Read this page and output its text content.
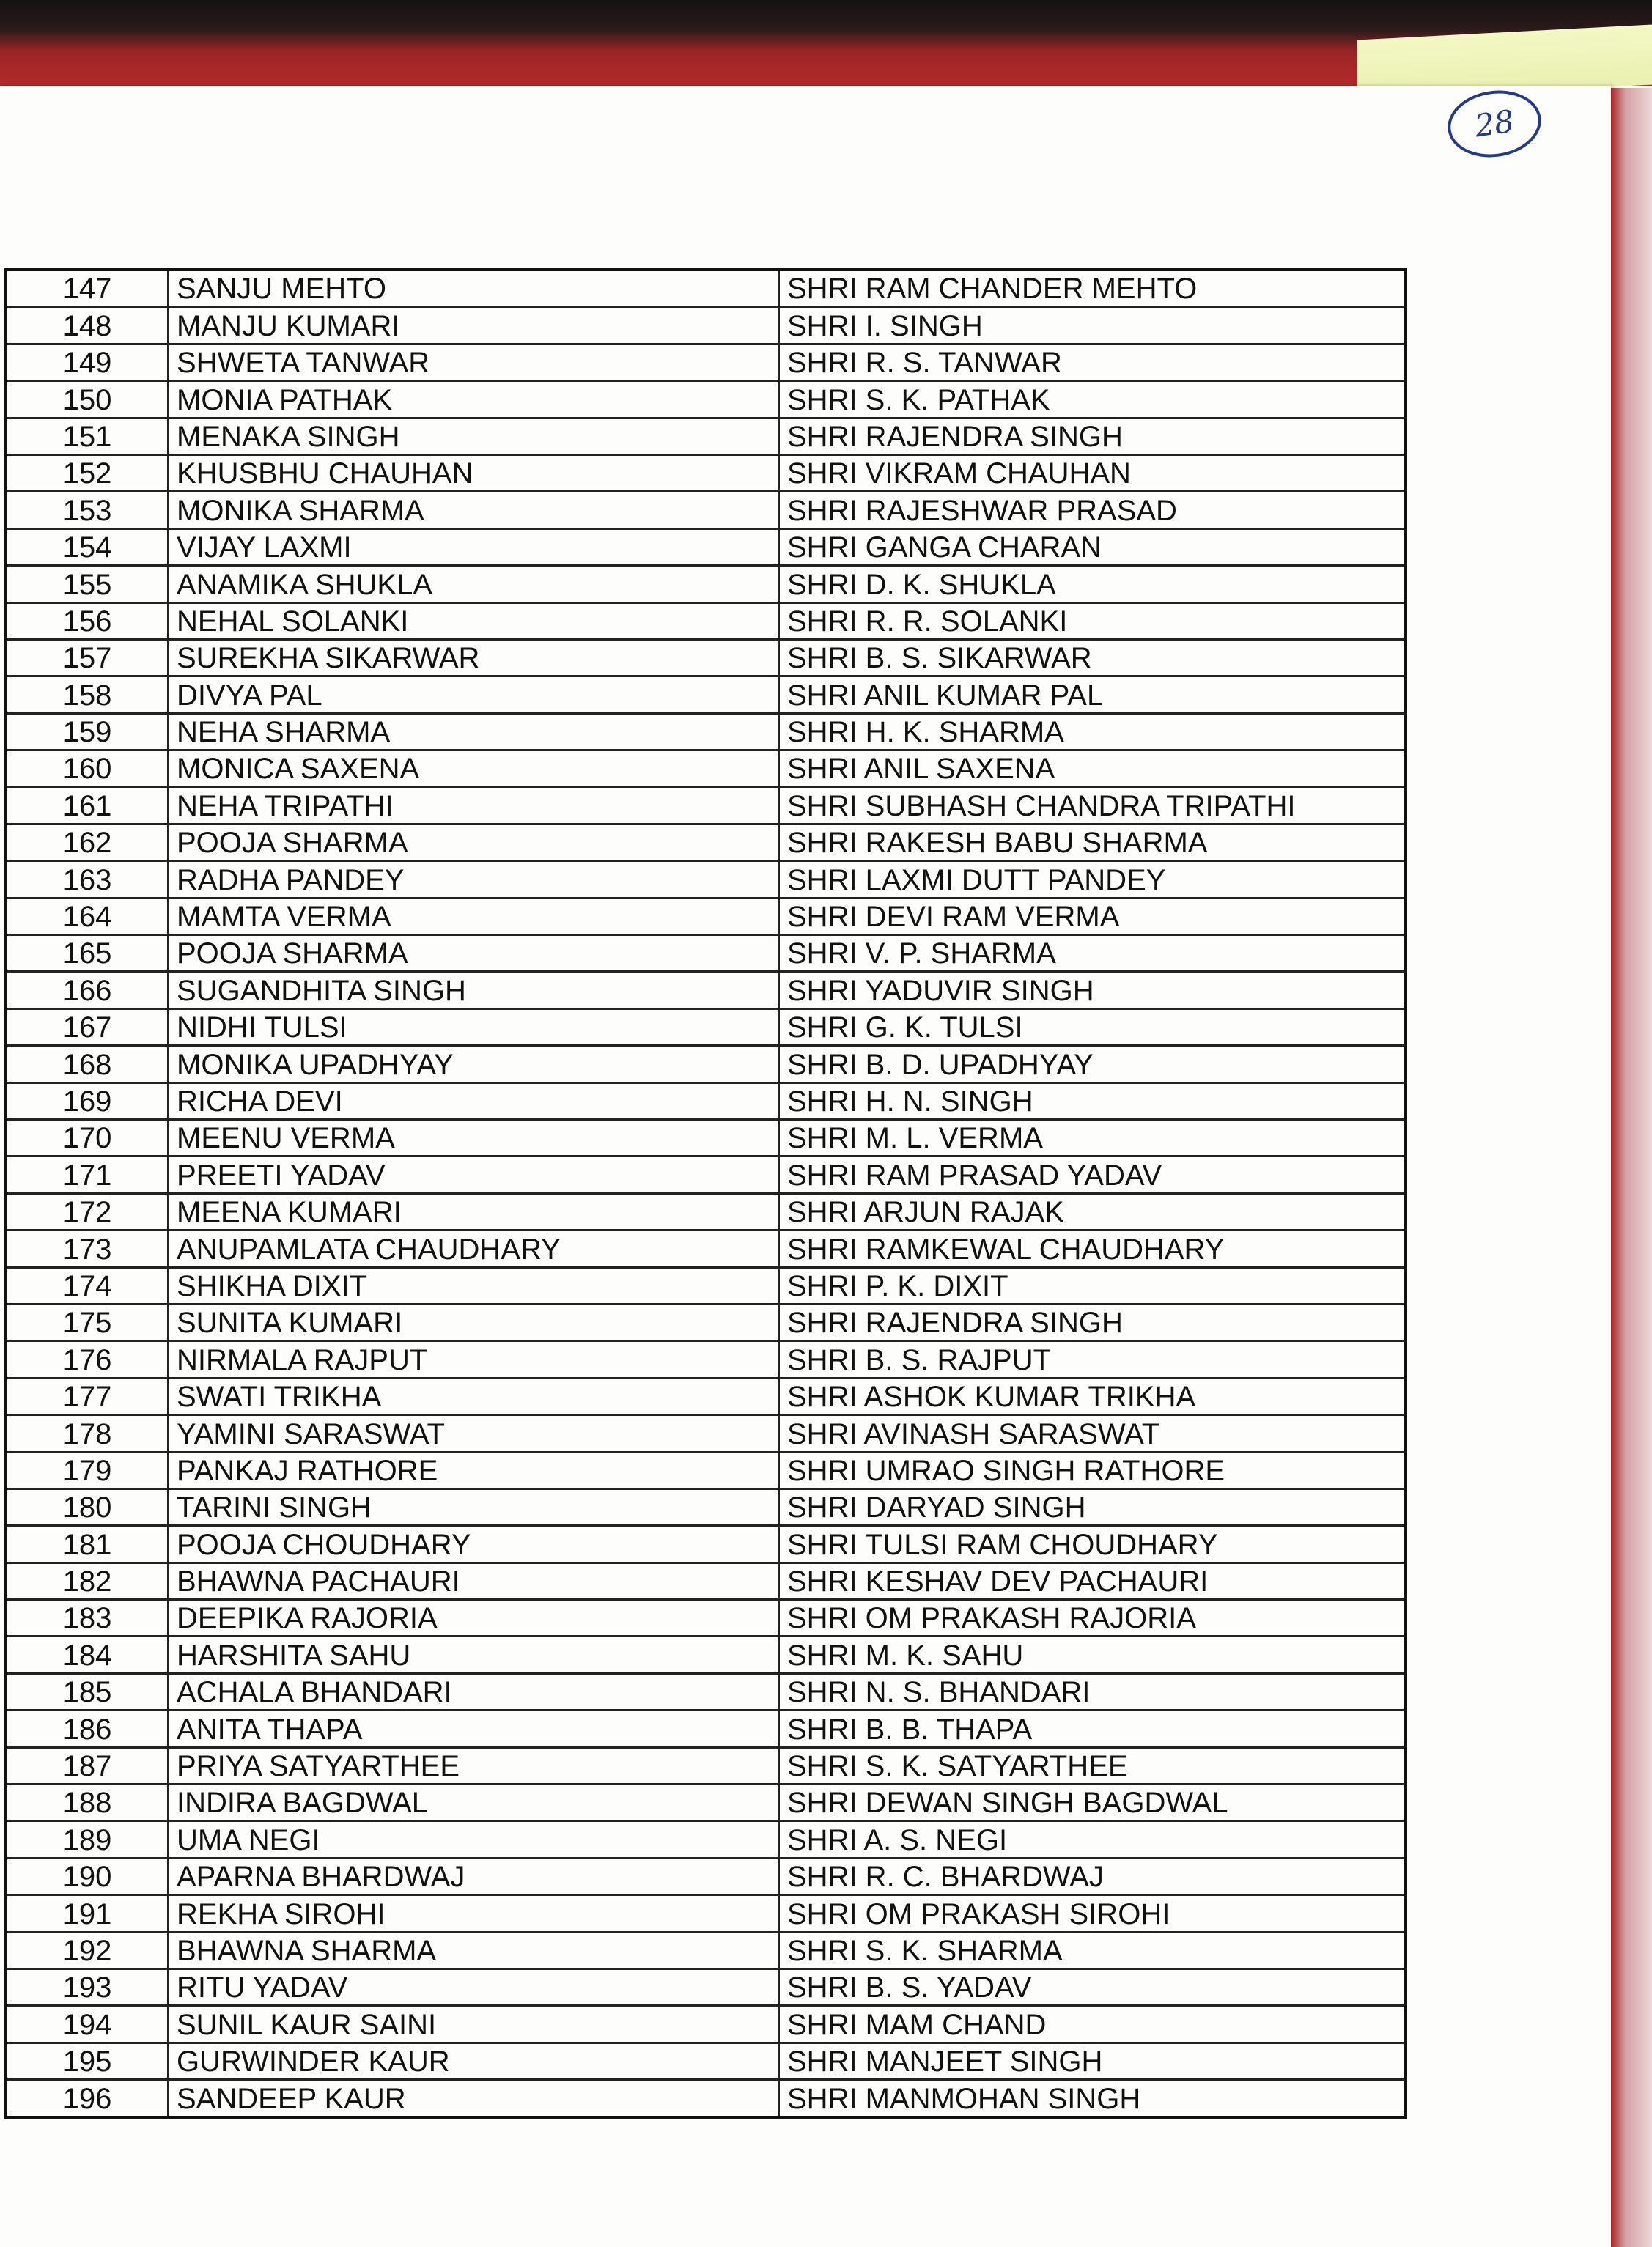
28
147	SANJU MEHTO	SHRI RAM CHANDER MEHTO
148	MANJU KUMARI	SHRI I. SINGH
149	SHWETA TANWAR	SHRI R. S. TANWAR
150	MONIA PATHAK	SHRI S. K. PATHAK
151	MENAKA SINGH	SHRI RAJENDRA SINGH
152	KHUSBHU CHAUHAN	SHRI VIKRAM CHAUHAN
153	MONIKA SHARMA	SHRI RAJESHWAR PRASAD
154	VIJAY LAXMI	SHRI GANGA CHARAN
155	ANAMIKA SHUKLA	SHRI D. K. SHUKLA
156	NEHAL SOLANKI	SHRI R. R. SOLANKI
157	SUREKHA SIKARWAR	SHRI B. S. SIKARWAR
158	DIVYA PAL	SHRI ANIL KUMAR PAL
159	NEHA SHARMA	SHRI H. K. SHARMA
160	MONICA SAXENA	SHRI ANIL SAXENA
161	NEHA TRIPATHI	SHRI SUBHASH CHANDRA TRIPATHI
162	POOJA SHARMA	SHRI RAKESH BABU SHARMA
163	RADHA PANDEY	SHRI LAXMI DUTT PANDEY
164	MAMTA VERMA	SHRI DEVI RAM VERMA
165	POOJA SHARMA	SHRI V. P. SHARMA
166	SUGANDHITA SINGH	SHRI YADUVIR SINGH
167	NIDHI TULSI	SHRI G. K. TULSI
168	MONIKA UPADHYAY	SHRI B. D. UPADHYAY
169	RICHA DEVI	SHRI H. N. SINGH
170	MEENU VERMA	SHRI M. L. VERMA
171	PREETI YADAV	SHRI RAM PRASAD YADAV
172	MEENA KUMARI	SHRI ARJUN RAJAK
173	ANUPAMLATA CHAUDHARY	SHRI RAMKEWAL CHAUDHARY
174	SHIKHA DIXIT	SHRI P. K. DIXIT
175	SUNITA KUMARI	SHRI RAJENDRA SINGH
176	NIRMALA RAJPUT	SHRI B. S. RAJPUT
177	SWATI TRIKHA	SHRI ASHOK KUMAR TRIKHA
178	YAMINI SARASWAT	SHRI AVINASH SARASWAT
179	PANKAJ RATHORE	SHRI UMRAO SINGH RATHORE
180	TARINI SINGH	SHRI DARYAD SINGH
181	POOJA CHOUDHARY	SHRI TULSI RAM CHOUDHARY
182	BHAWNA PACHAURI	SHRI KESHAV DEV PACHAURI
183	DEEPIKA RAJORIA	SHRI OM PRAKASH RAJORIA
184	HARSHITA SAHU	SHRI M. K. SAHU
185	ACHALA BHANDARI	SHRI N. S. BHANDARI
186	ANITA THAPA	SHRI B. B. THAPA
187	PRIYA SATYARTHEE	SHRI S. K. SATYARTHEE
188	INDIRA BAGDWAL	SHRI DEWAN SINGH BAGDWAL
189	UMA NEGI	SHRI A. S. NEGI
190	APARNA BHARDWAJ	SHRI R. C. BHARDWAJ
191	REKHA SIROHI	SHRI OM PRAKASH SIROHI
192	BHAWNA SHARMA	SHRI S. K. SHARMA
193	RITU YADAV	SHRI B. S. YADAV
194	SUNIL KAUR SAINI	SHRI MAM CHAND
195	GURWINDER KAUR	SHRI MANJEET SINGH
196	SANDEEP KAUR	SHRI MANMOHAN SINGH
